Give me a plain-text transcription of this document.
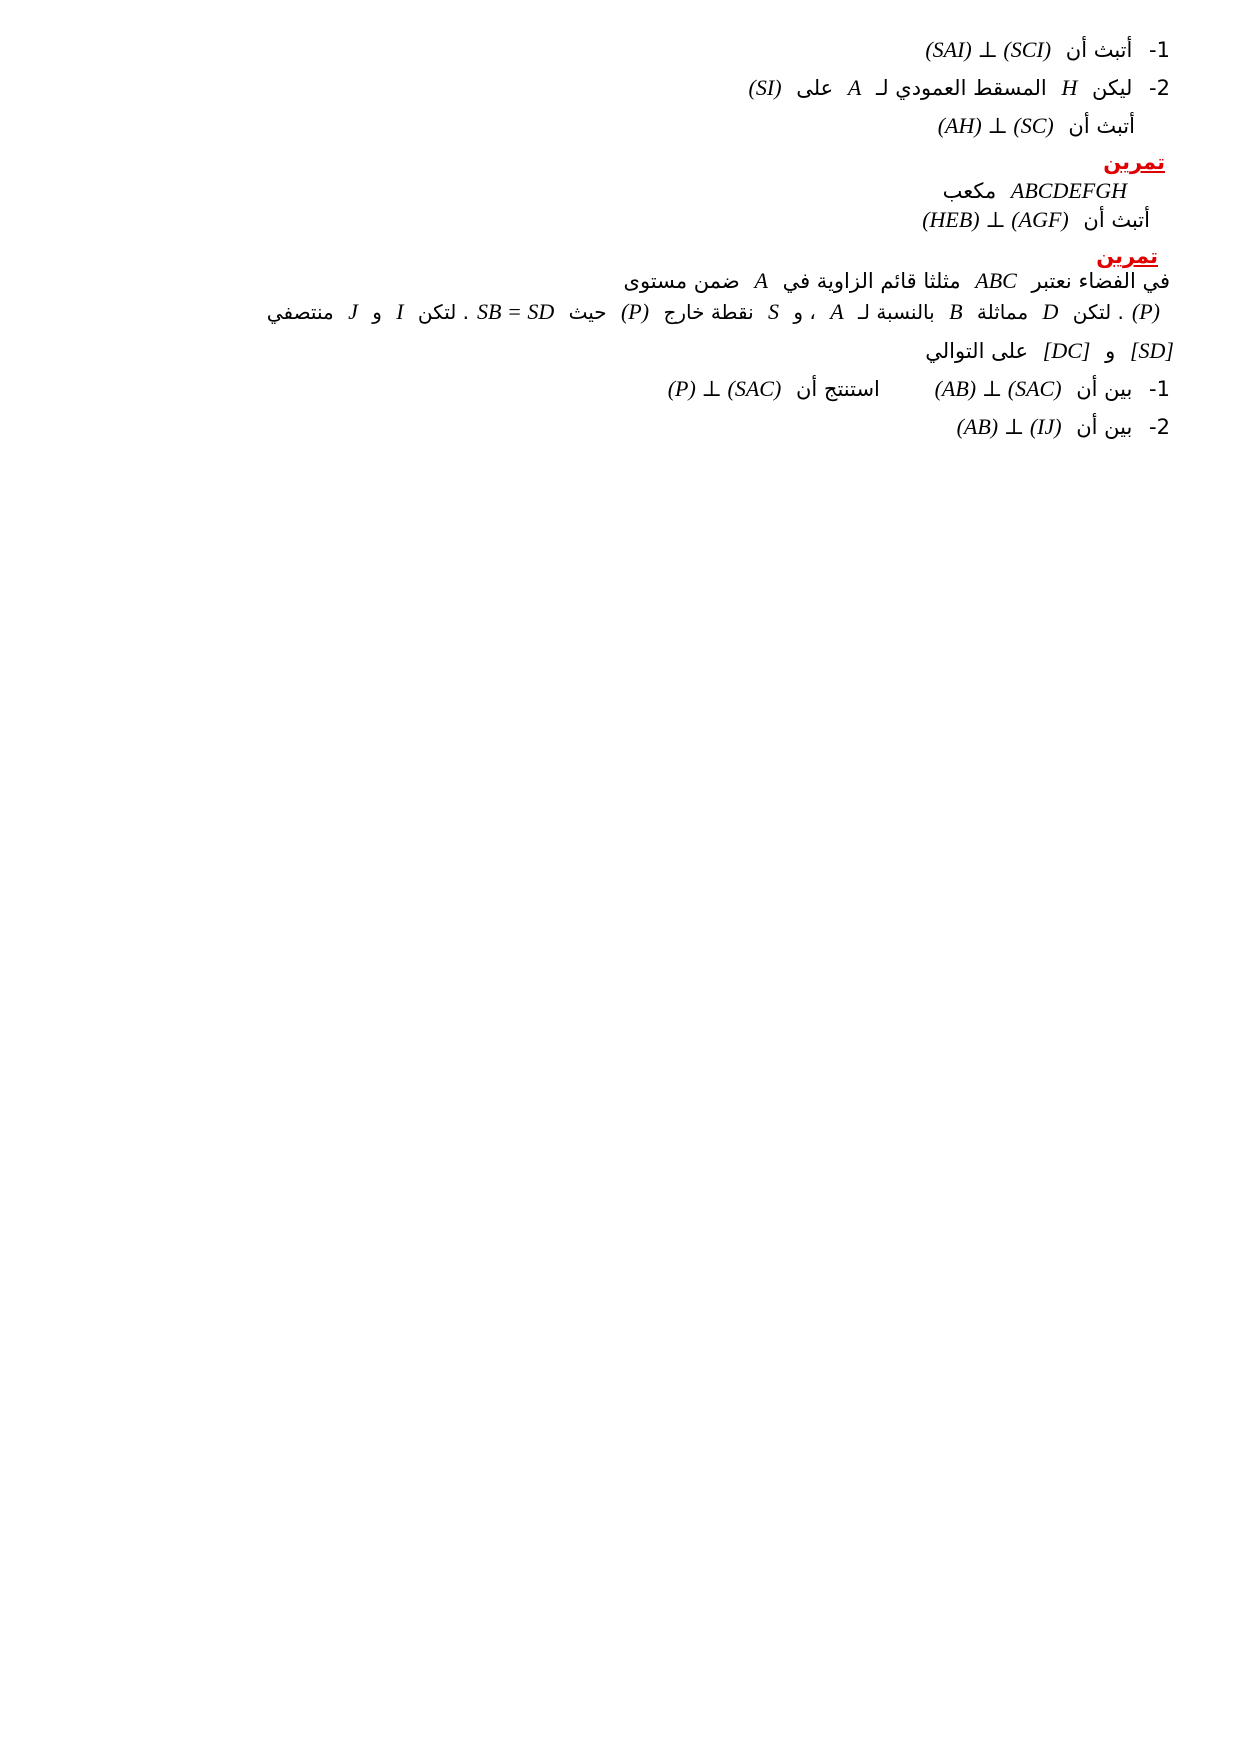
-1 أتبث أن (SAI) ⊥ (SCI)
-2 ليكن H المسقط العمودي لـ A على (SI)
أتبث أن (AH) ⊥ (SC)
تمرين
ABCDEFGH مكعب
أتبث أن (HEB) ⊥ (AGF)
تمرين
في الفضاء نعتبر ABC مثلثا قائم الزاوية في A ضمن مستوى
(P). لتكن D مماثلة B بالنسبة لـ A ، و S نقطة خارج (P) حيث SB = SD. لتكن I و J منتصفي
[SD] و [DC] على التوالي
-1 بين أن (AB) ⊥ (SAC) استنتج أن (P) ⊥ (SAC)
-2 بين أن (AB) ⊥ (IJ)
